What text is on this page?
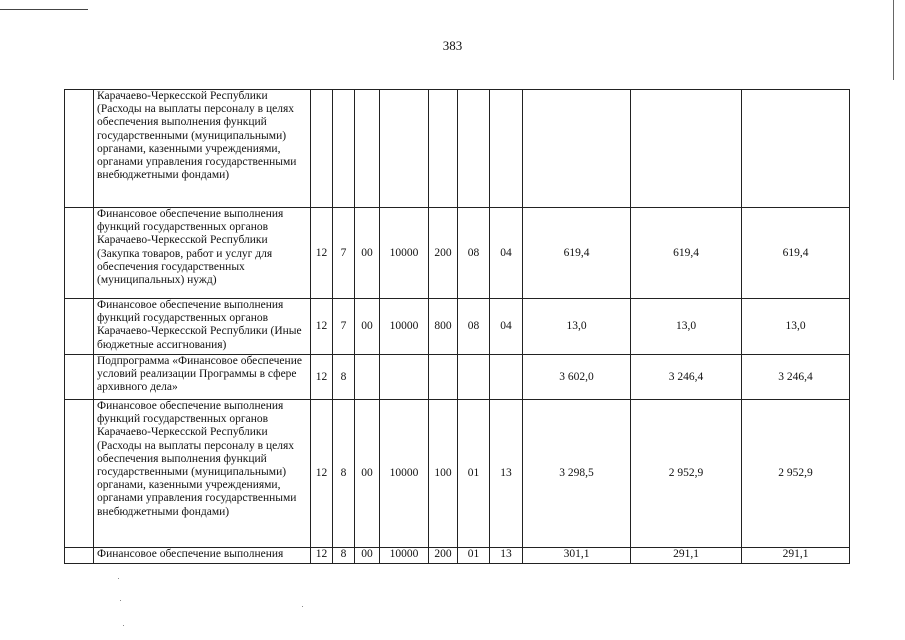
383
	Карачаево-Черкесской Республики (Расходы на выплаты персоналу в целях обеспечения выполнения функций государственными (муниципальными) органами, казенными учреждениями, органами управления государственными внебюджетными фондами)										
	Финансовое обеспечение выполнения функций государственных органов Карачаево-Черкесской Республики (Закупка товаров, работ и услуг для обеспечения государственных (муниципальных) нужд)	12	7	00	10000	200	08	04	619,4	619,4	619,4
	Финансовое обеспечение выполнения функций государственных органов Карачаево-Черкесской Республики (Иные бюджетные ассигнования)	12	7	00	10000	800	08	04	13,0	13,0	13,0
	Подпрограмма «Финансовое обеспечение условий реализации Программы в сфере архивного дела»	12	8						3 602,0	3 246,4	3 246,4
	Финансовое обеспечение выполнения функций государственных органов Карачаево-Черкесской Республики (Расходы на выплаты персоналу в целях обеспечения выполнения функций государственными (муниципальными) органами, казенными учреждениями, органами управления государственными внебюджетными фондами)	12	8	00	10000	100	01	13	3 298,5	2 952,9	2 952,9
	Финансовое обеспечение выполнения	12	8	00	10000	200	01	13	301,1	291,1	291,1
